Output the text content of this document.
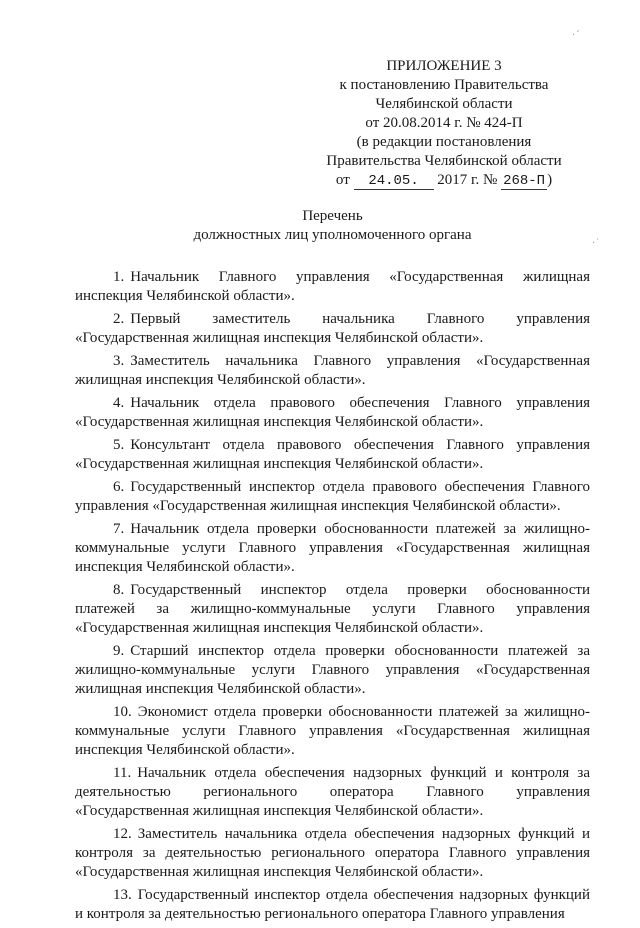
·´
·˙
ПРИЛОЖЕНИЕ 3
к постановлению Правительства
Челябинской области
от 20.08.2014 г. № 424-П
(в редакции постановления
Правительства Челябинской области
от 24.05. 2017 г. № 268-П )
Перечень
должностных лиц уполномоченного органа

1. Начальник Главного управления «Государственная жилищная инспекция Челябинской области».

2. Первый заместитель начальника Главного управления «Государственная жилищная инспекция Челябинской области».

3. Заместитель начальника Главного управления «Государственная жилищная инспекция Челябинской области».

4. Начальник отдела правового обеспечения Главного управления «Государственная жилищная инспекция Челябинской области».

5. Консультант отдела правового обеспечения Главного управления «Государственная жилищная инспекция Челябинской области».

6. Государственный инспектор отдела правового обеспечения Главного управления «Государственная жилищная инспекция Челябинской области».

7. Начальник отдела проверки обоснованности платежей за жилищно-коммунальные услуги Главного управления «Государственная жилищная инспекция Челябинской области».

8. Государственный инспектор отдела проверки обоснованности платежей за жилищно-коммунальные услуги Главного управления «Государственная жилищная инспекция Челябинской области».

9. Старший инспектор отдела проверки обоснованности платежей за жилищно-коммунальные услуги Главного управления «Государственная жилищная инспекция Челябинской области».

10. Экономист отдела проверки обоснованности платежей за жилищно-коммунальные услуги Главного управления «Государственная жилищная инспекция Челябинской области».

11. Начальник отдела обеспечения надзорных функций и контроля за деятельностью регионального оператора Главного управления «Государственная жилищная инспекция Челябинской области».

12. Заместитель начальника отдела обеспечения надзорных функций и контроля за деятельностью регионального оператора Главного управления «Государственная жилищная инспекция Челябинской области».

13. Государственный инспектор отдела обеспечения надзорных функций и контроля за деятельностью регионального оператора Главного управления
